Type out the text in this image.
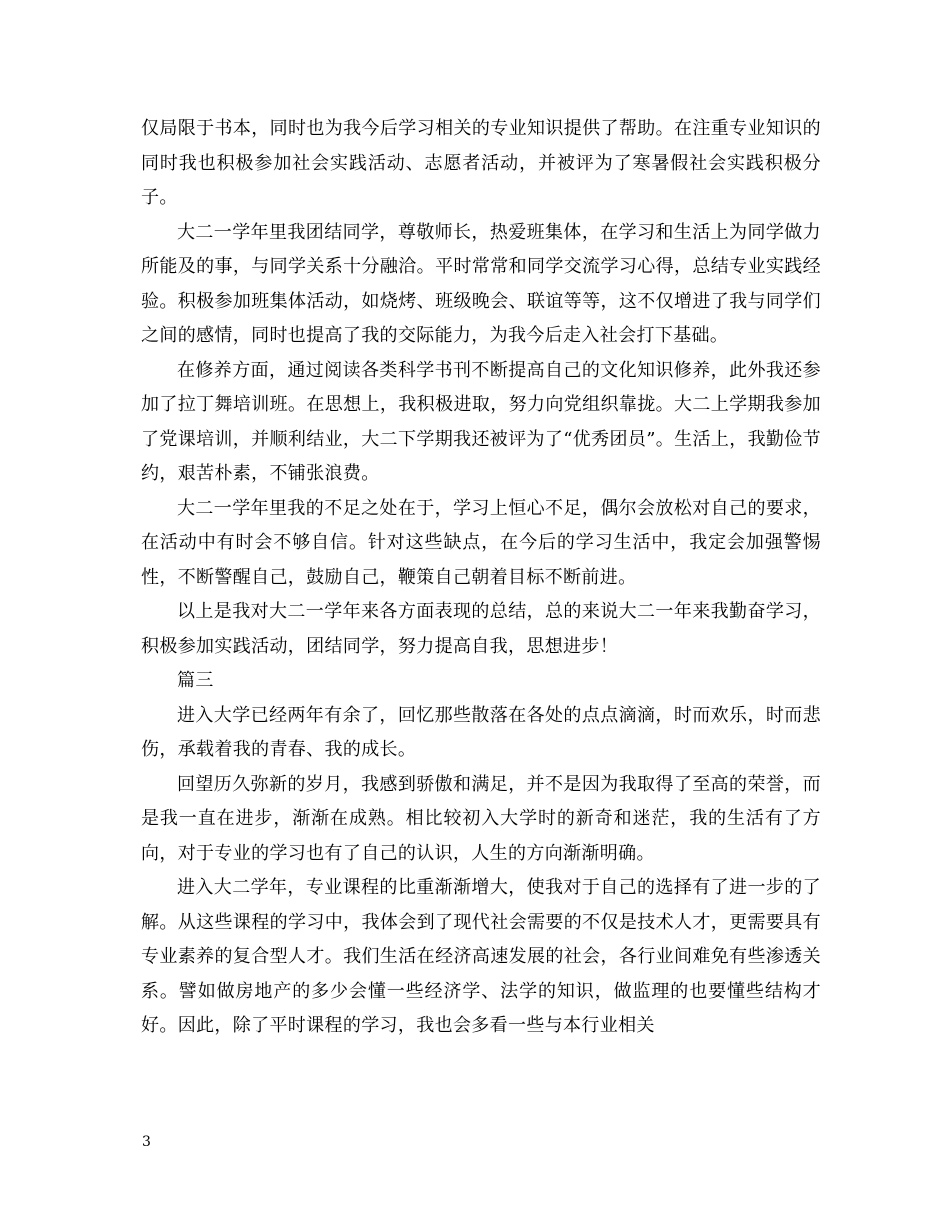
仅局限于书本，同时也为我今后学习相关的专业知识提供了帮助。在注重专业知识的同时我也积极参加社会实践活动、志愿者活动，并被评为了寒暑假社会实践积极分子。

大二一学年里我团结同学，尊敬师长，热爱班集体，在学习和生活上为同学做力所能及的事，与同学关系十分融洽。平时常常和同学交流学习心得，总结专业实践经验。积极参加班集体活动，如烧烤、班级晚会、联谊等等，这不仅增进了我与同学们之间的感情，同时也提高了我的交际能力，为我今后走入社会打下基础。

在修养方面，通过阅读各类科学书刊不断提高自己的文化知识修养，此外我还参加了拉丁舞培训班。在思想上，我积极进取，努力向党组织靠拢。大二上学期我参加了党课培训，并顺利结业，大二下学期我还被评为了“优秀团员”。生活上，我勤俭节约，艰苦朴素，不铺张浪费。

大二一学年里我的不足之处在于，学习上恒心不足，偶尔会放松对自己的要求，在活动中有时会不够自信。针对这些缺点，在今后的学习生活中，我定会加强警惕性，不断警醒自己，鼓励自己，鞭策自己朝着目标不断前进。

以上是我对大二一学年来各方面表现的总结，总的来说大二一年来我勤奋学习，积极参加实践活动，团结同学，努力提高自我，思想进步！

篇三

进入大学已经两年有余了，回忆那些散落在各处的点点滴滴，时而欢乐，时而悲伤，承载着我的青春、我的成长。

回望历久弥新的岁月，我感到骄傲和满足，并不是因为我取得了至高的荣誉，而是我一直在进步，渐渐在成熟。相比较初入大学时的新奇和迷茫，我的生活有了方向，对于专业的学习也有了自己的认识，人生的方向渐渐明确。

进入大二学年，专业课程的比重渐渐增大，使我对于自己的选择有了进一步的了解。从这些课程的学习中，我体会到了现代社会需要的不仅是技术人才，更需要具有专业素养的复合型人才。我们生活在经济高速发展的社会，各行业间难免有些渗透关系。譬如做房地产的多少会懂一些经济学、法学的知识，做监理的也要懂些结构才好。因此，除了平时课程的学习，我也会多看一些与本行业相关

3
